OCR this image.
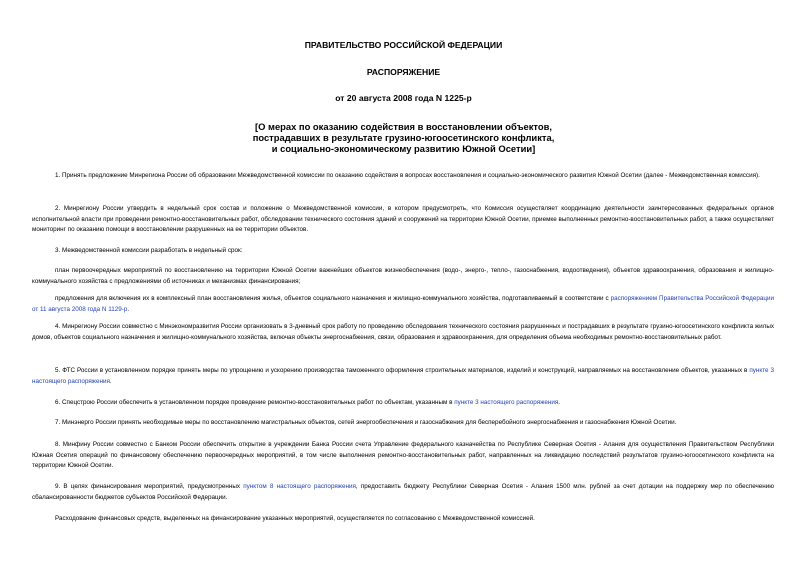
ПРАВИТЕЛЬСТВО РОССИЙСКОЙ ФЕДЕРАЦИИ
РАСПОРЯЖЕНИЕ
от 20 августа 2008 года N 1225-р
[О мерах по оказанию содействия в восстановлении объектов,
пострадавших в результате грузино-югоосетинского конфликта,
и социально-экономическому развитию Южной Осетии]
1. Принять предложение Минрегиона России об образовании Межведомственной комиссии по оказанию содействия в вопросах восстановления и социально-экономического развития Южной Осетии (далее - Межведомственная комиссия).
2. Минрегиону России утвердить в недельный срок состав и положение о Межведомственной комиссии, в котором предусмотреть, что Комиссия осуществляет координацию деятельности заинтересованных федеральных органов исполнительной власти при проведении ремонтно-восстановительных работ, обследовании технического состояния зданий и сооружений на территории Южной Осетии, приемке выполненных ремонтно-восстановительных работ, а также осуществляет мониторинг по оказанию помощи в восстановлении разрушенных на ее территории объектов.
3. Межведомственной комиссии разработать в недельный срок:
план первоочередных мероприятий по восстановлению на территории Южной Осетии важнейших объектов жизнеобеспечения (водо-, энерго-, тепло-, газоснабжения, водоотведения), объектов здравоохранения, образования и жилищно-коммунального хозяйства с предложениями об источниках и механизмах финансирования;
предложения для включения их в комплексный план восстановления жилья, объектов социального назначения и жилищно-коммунального хозяйства, подготавливаемый в соответствии с распоряжением Правительства Российской Федерации от 11 августа 2008 года N 1129-р.
4. Минрегиону России совместно с Минэкономразвития России организовать в 3-дневный срок работу по проведению обследования технического состояния разрушенных и пострадавших в результате грузино-югоосетинского конфликта жилых домов, объектов социального назначения и жилищно-коммунального хозяйства, включая объекты энергоснабжения, связи, образования и здравоохранения, для определения объема необходимых ремонтно-восстановительных работ.
5. ФТС России в установленном порядке принять меры по упрощению и ускорению производства таможенного оформления строительных материалов, изделий и конструкций, направляемых на восстановление объектов, указанных в пункте 3 настоящего распоряжения.
6. Спецстрою России обеспечить в установленном порядке проведение ремонтно-восстановительных работ по объектам, указанным в пункте 3 настоящего распоряжения.
7. Минэнерго России принять необходимые меры по восстановлению магистральных объектов, сетей энергообеспечения и газоснабжения для бесперебойного энергоснабжения и газоснабжения Южной Осетии.
8. Минфину России совместно с Банком России обеспечить открытие в учреждении Банка России счета Управление федерального казначейства по Республике Северная Осетия - Алания для осуществления Правительством Республики Южная Осетия операций по финансовому обеспечению первоочередных мероприятий, в том числе выполнения ремонтно-восстановительных работ, направленных на ликвидацию последствий результатов грузино-югоосетинского конфликта на территории Южной Осетии.
9. В целях финансирования мероприятий, предусмотренных пунктом 8 настоящего распоряжения, предоставить бюджету Республики Северная Осетия - Алания 1500 млн. рублей за счет дотации на поддержку мер по обеспечению сбалансированности бюджетов субъектов Российской Федерации.
Расходование финансовых средств, выделенных на финансирование указанных мероприятий, осуществляется по согласованию с Межведомственной комиссией.
